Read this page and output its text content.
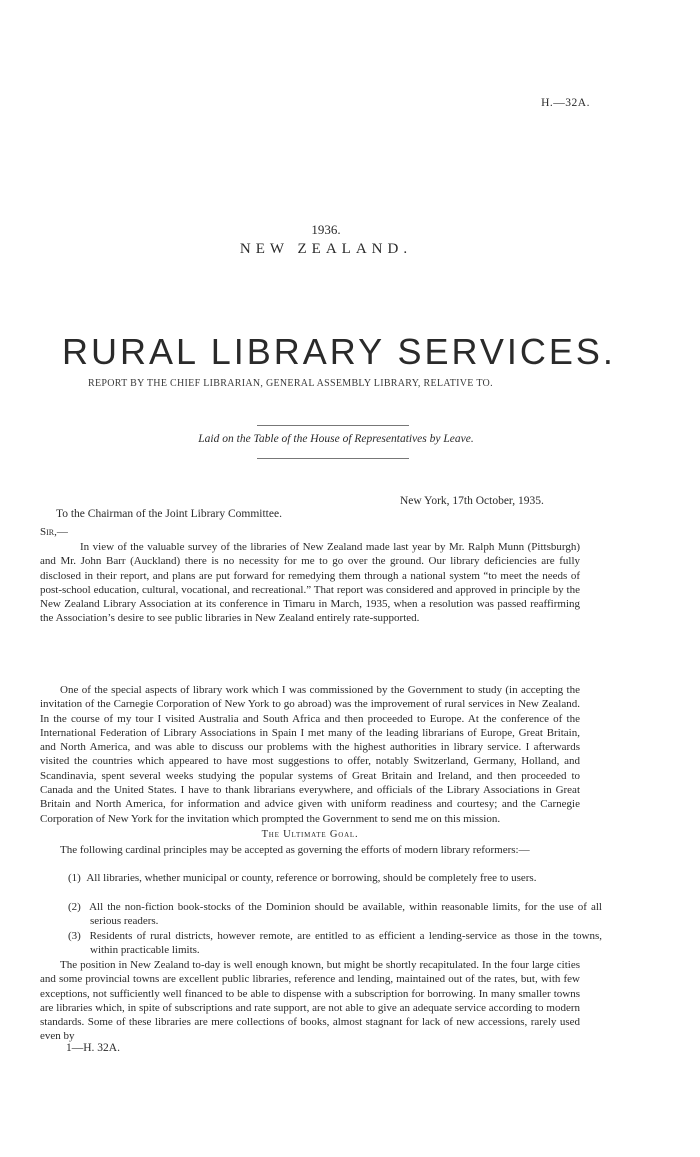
H.—32A.
1936.
NEW ZEALAND.
RURAL LIBRARY SERVICES.
REPORT BY THE CHIEF LIBRARIAN, GENERAL ASSEMBLY LIBRARY, RELATIVE TO.
Laid on the Table of the House of Representatives by Leave.
New York, 17th October, 1935.
To the Chairman of the Joint Library Committee.
Sir,—

In view of the valuable survey of the libraries of New Zealand made last year by Mr. Ralph Munn (Pittsburgh) and Mr. John Barr (Auckland) there is no necessity for me to go over the ground. Our library deficiencies are fully disclosed in their report, and plans are put forward for remedying them through a national system “to meet the needs of post-school education, cultural, vocational, and recreational.” That report was considered and approved in principle by the New Zealand Library Association at its conference in Timaru in March, 1935, when a resolution was passed reaffirming the Association’s desire to see public libraries in New Zealand entirely rate-supported.

One of the special aspects of library work which I was commissioned by the Government to study (in accepting the invitation of the Carnegie Corporation of New York to go abroad) was the improvement of rural services in New Zealand. In the course of my tour I visited Australia and South Africa and then proceeded to Europe. At the conference of the International Federation of Library Associations in Spain I met many of the leading librarians of Europe, Great Britain, and North America, and was able to discuss our problems with the highest authorities in library service. I afterwards visited the countries which appeared to have most suggestions to offer, notably Switzerland, Germany, Holland, and Scandinavia, spent several weeks studying the popular systems of Great Britain and Ireland, and then proceeded to Canada and the United States. I have to thank librarians everywhere, and officials of the Library Associations in Great Britain and North America, for information and advice given with uniform readiness and courtesy; and the Carnegie Corporation of New York for the invitation which prompted the Government to send me on this mission.

The Ultimate Goal.

The following cardinal principles may be accepted as governing the efforts of modern library reformers:—

(1) All libraries, whether municipal or county, reference or borrowing, should be completely free to users.

(2) All the non-fiction book-stocks of the Dominion should be available, within reasonable limits, for the use of all serious readers.

(3) Residents of rural districts, however remote, are entitled to as efficient a lending-service as those in the towns, within practicable limits.

The position in New Zealand to-day is well enough known, but might be shortly recapitulated. In the four large cities and some provincial towns are excellent public libraries, reference and lending, maintained out of the rates, but, with few exceptions, not sufficiently well financed to be able to dispense with a subscription for borrowing. In many smaller towns are libraries which, in spite of subscriptions and rate support, are not able to give an adequate service according to modern standards. Some of these libraries are mere collections of books, almost stagnant for lack of new accessions, rarely used even by

1—H. 32A.
